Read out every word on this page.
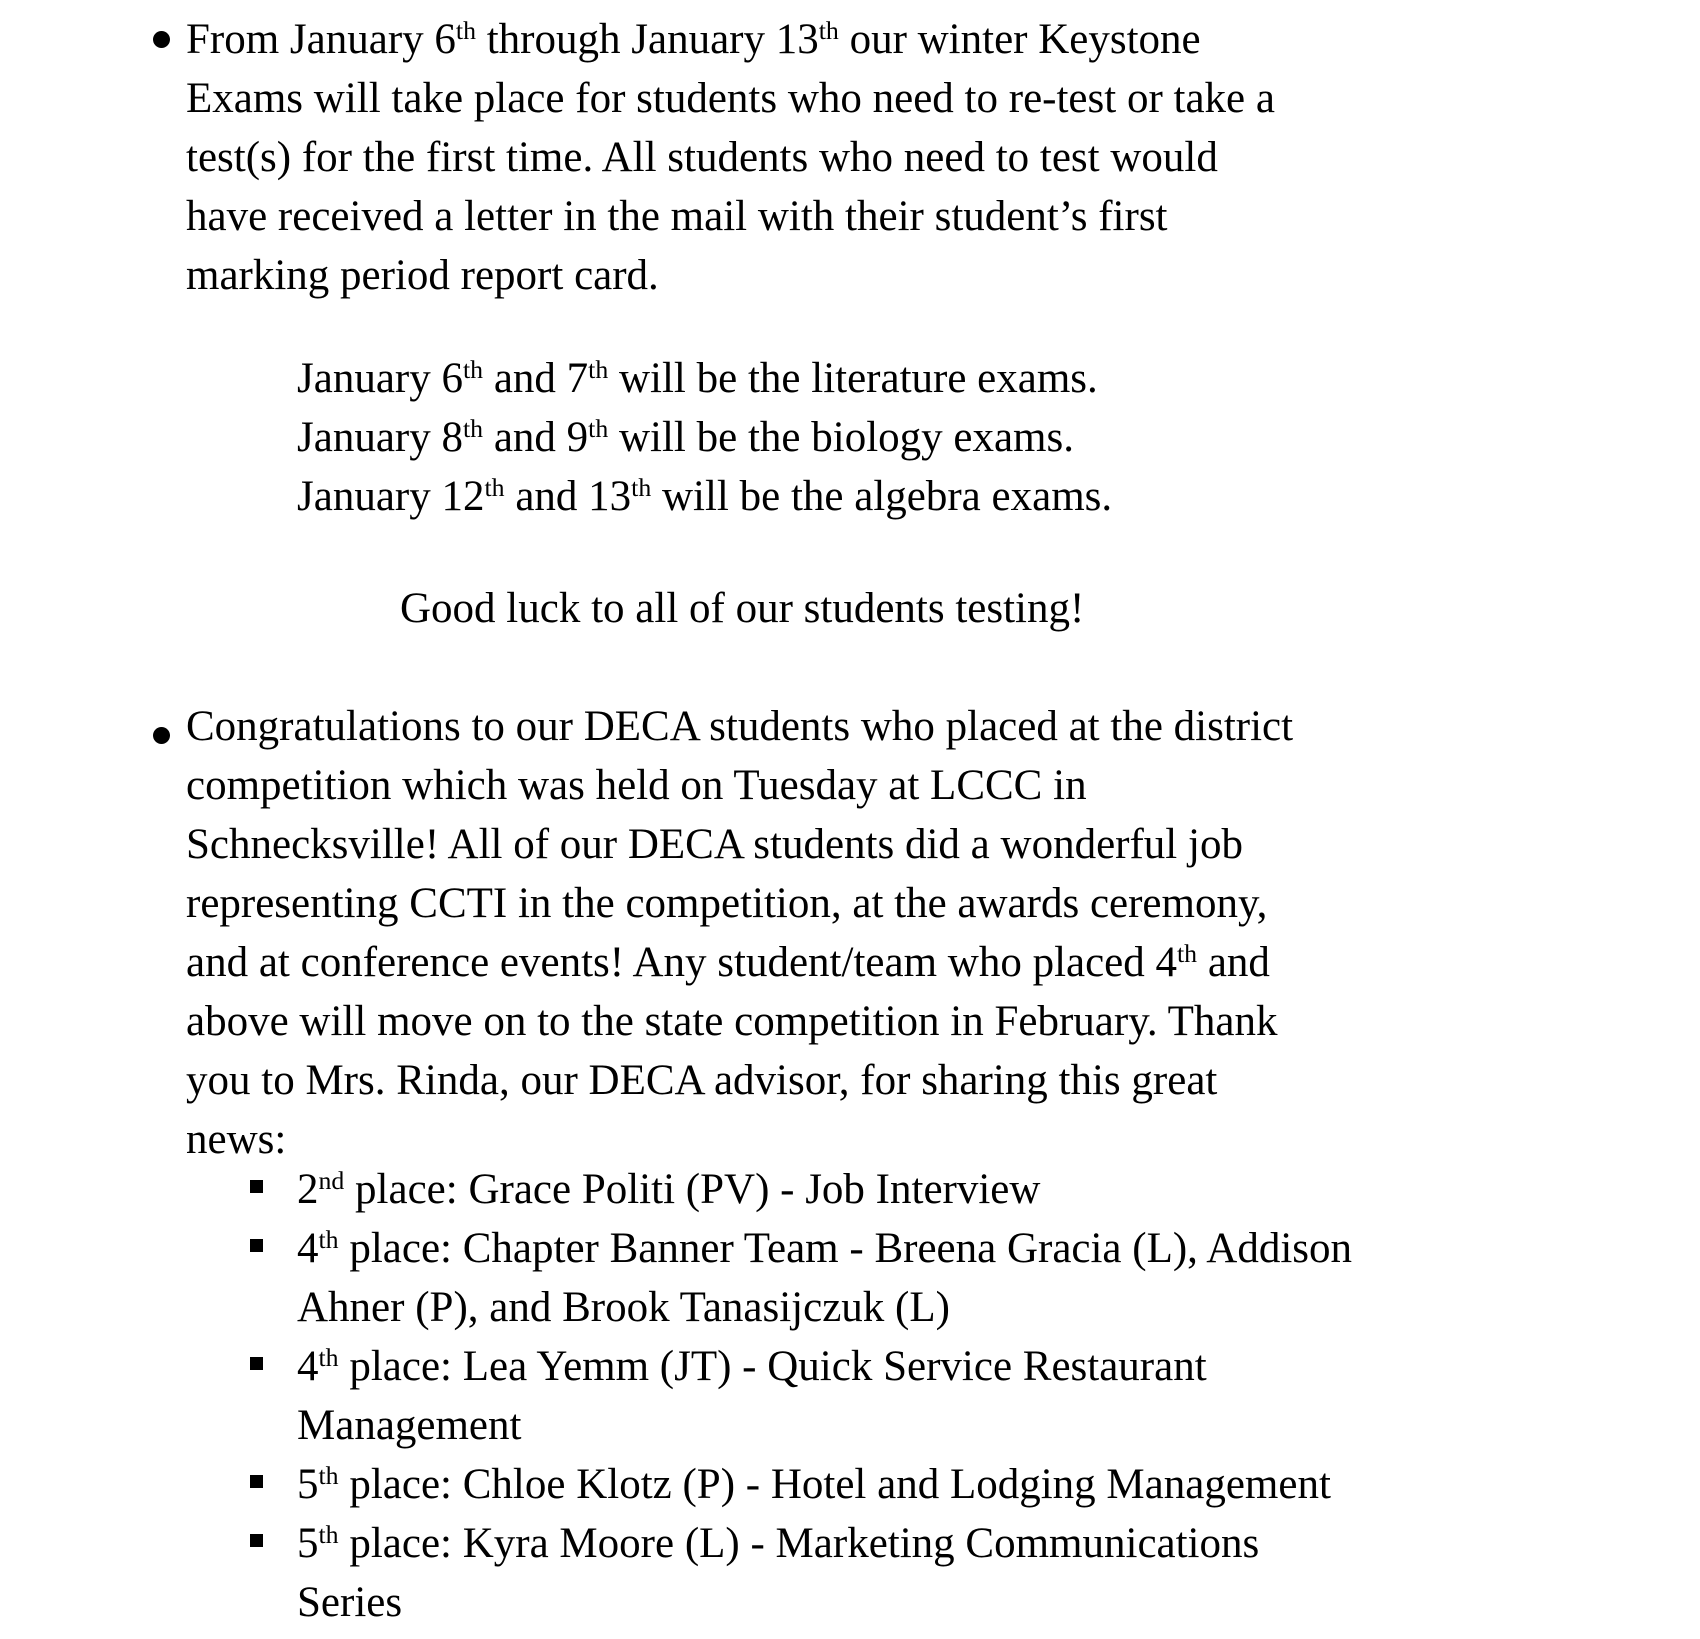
From January 6th through January 13th our winter Keystone
Exams will take place for students who need to re-test or take a
test(s) for the first time. All students who need to test would
have received a letter in the mail with their student’s first
marking period report card.
January 6th and 7th will be the literature exams.
January 8th and 9th will be the biology exams.
January 12th and 13th will be the algebra exams.
Good luck to all of our students testing!
Congratulations to our DECA students who placed at the district
competition which was held on Tuesday at LCCC in
Schnecksville! All of our DECA students did a wonderful job
representing CCTI in the competition, at the awards ceremony,
and at conference events! Any student/team who placed 4th and
above will move on to the state competition in February. Thank
you to Mrs. Rinda, our DECA advisor, for sharing this great
news:
2nd place: Grace Politi (PV) - Job Interview
4th place: Chapter Banner Team - Breena Gracia (L), Addison
Ahner (P), and Brook Tanasijczuk (L)
4th place: Lea Yemm (JT) - Quick Service Restaurant
Management
5th place: Chloe Klotz (P) - Hotel and Lodging Management
5th place: Kyra Moore (L) - Marketing Communications
Series
